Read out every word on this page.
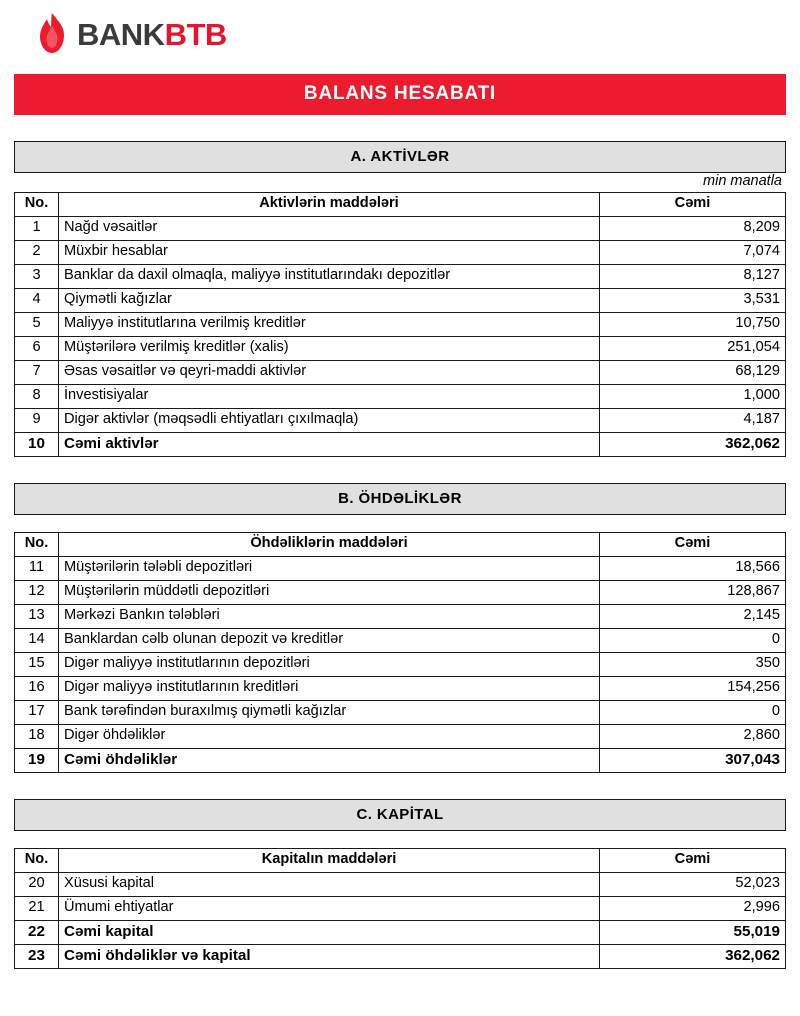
BANKBTB
BALANS HESABATI
A. AKTİVLƏR
min manatla
No.	Aktivlərin maddələri	Cəmi
1	Nağd vəsaitlər	8,209
2	Müxbir hesablar	7,074
3	Banklar da daxil olmaqla, maliyyə institutlarındakı depozitlər	8,127
4	Qiymətli kağızlar	3,531
5	Maliyyə institutlarına verilmiş kreditlər	10,750
6	Müştərilərə verilmiş kreditlər (xalis)	251,054
7	Əsas vəsaitlər və qeyri-maddi aktivlər	68,129
8	İnvestisiyalar	1,000
9	Digər aktivlər (məqsədli ehtiyatları çıxılmaqla)	4,187
10	Cəmi aktivlər	362,062
B. ÖHDƏLİKLƏR
No.	Öhdəliklərin maddələri	Cəmi
11	Müştərilərin tələbli depozitləri	18,566
12	Müştərilərin müddətli depozitləri	128,867
13	Mərkəzi Bankın tələbləri	2,145
14	Banklardan cəlb olunan depozit və kreditlər	0
15	Digər maliyyə institutlarının depozitləri	350
16	Digər maliyyə institutlarının kreditləri	154,256
17	Bank tərəfindən buraxılmış qiymətli kağızlar	0
18	Digər öhdəliklər	2,860
19	Cəmi öhdəliklər	307,043
C. KAPİTAL
No.	Kapitalın maddələri	Cəmi
20	Xüsusi kapital	52,023
21	Ümumi ehtiyatlar	2,996
22	Cəmi kapital	55,019
23	Cəmi öhdəliklər və kapital	362,062
